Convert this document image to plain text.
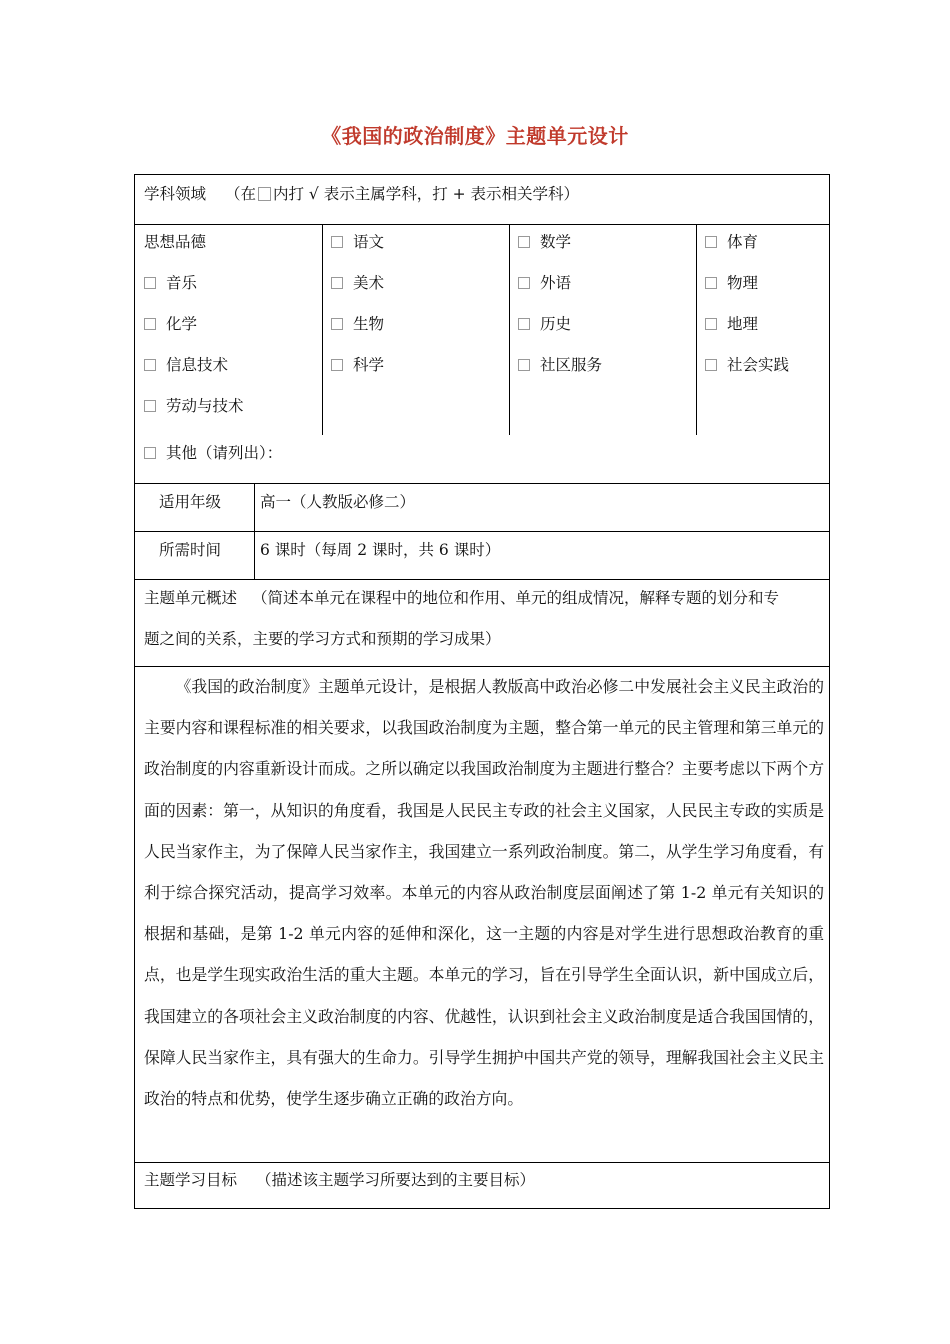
《我国的政治制度》主题单元设计
学科领域 （在 内打 √ 表示主属学科，打 + 表示相关学科）
思想品德
音乐
化学
信息技术
劳动与技术
语文
美术
生物
科学
数学
外语
历史
社区服务
体育
物理
地理
社会实践
其他（请列出）：
适用年级	高一（人教版必修二）
所需时间	6 课时（每周 2 课时，共 6 课时）
主题单元概述 （简述本单元在课程中的地位和作用、单元的组成情况，解释专题的划分和专
题之间的关系，主要的学习方式和预期的学习成果）
《我国的政治制度》主题单元设计，是根据人教版高中政治必修二中发展社会主义民主政治的主要内容和课程标准的相关要求，以我国政治制度为主题，整合第一单元的民主管理和第三单元的政治制度的内容重新设计而成。之所以确定以我国政治制度为主题进行整合？主要考虑以下两个方面的因素：第一，从知识的角度看，我国是人民民主专政的社会主义国家，人民民主专政的实质是人民当家作主，为了保障人民当家作主，我国建立一系列政治制度。第二，从学生学习角度看，有利于综合探究活动，提高学习效率。本单元的内容从政治制度层面阐述了第 1-2 单元有关知识的根据和基础，是第 1-2 单元内容的延伸和深化，这一主题的内容是对学生进行思想政治教育的重点，也是学生现实政治生活的重大主题。本单元的学习，旨在引导学生全面认识，新中国成立后，我国建立的各项社会主义政治制度的内容、优越性，认识到社会主义政治制度是适合我国国情的，保障人民当家作主，具有强大的生命力。引导学生拥护中国共产党的领导，理解我国社会主义民主政治的特点和优势，使学生逐步确立正确的政治方向。
主题学习目标 （描述该主题学习所要达到的主要目标）
